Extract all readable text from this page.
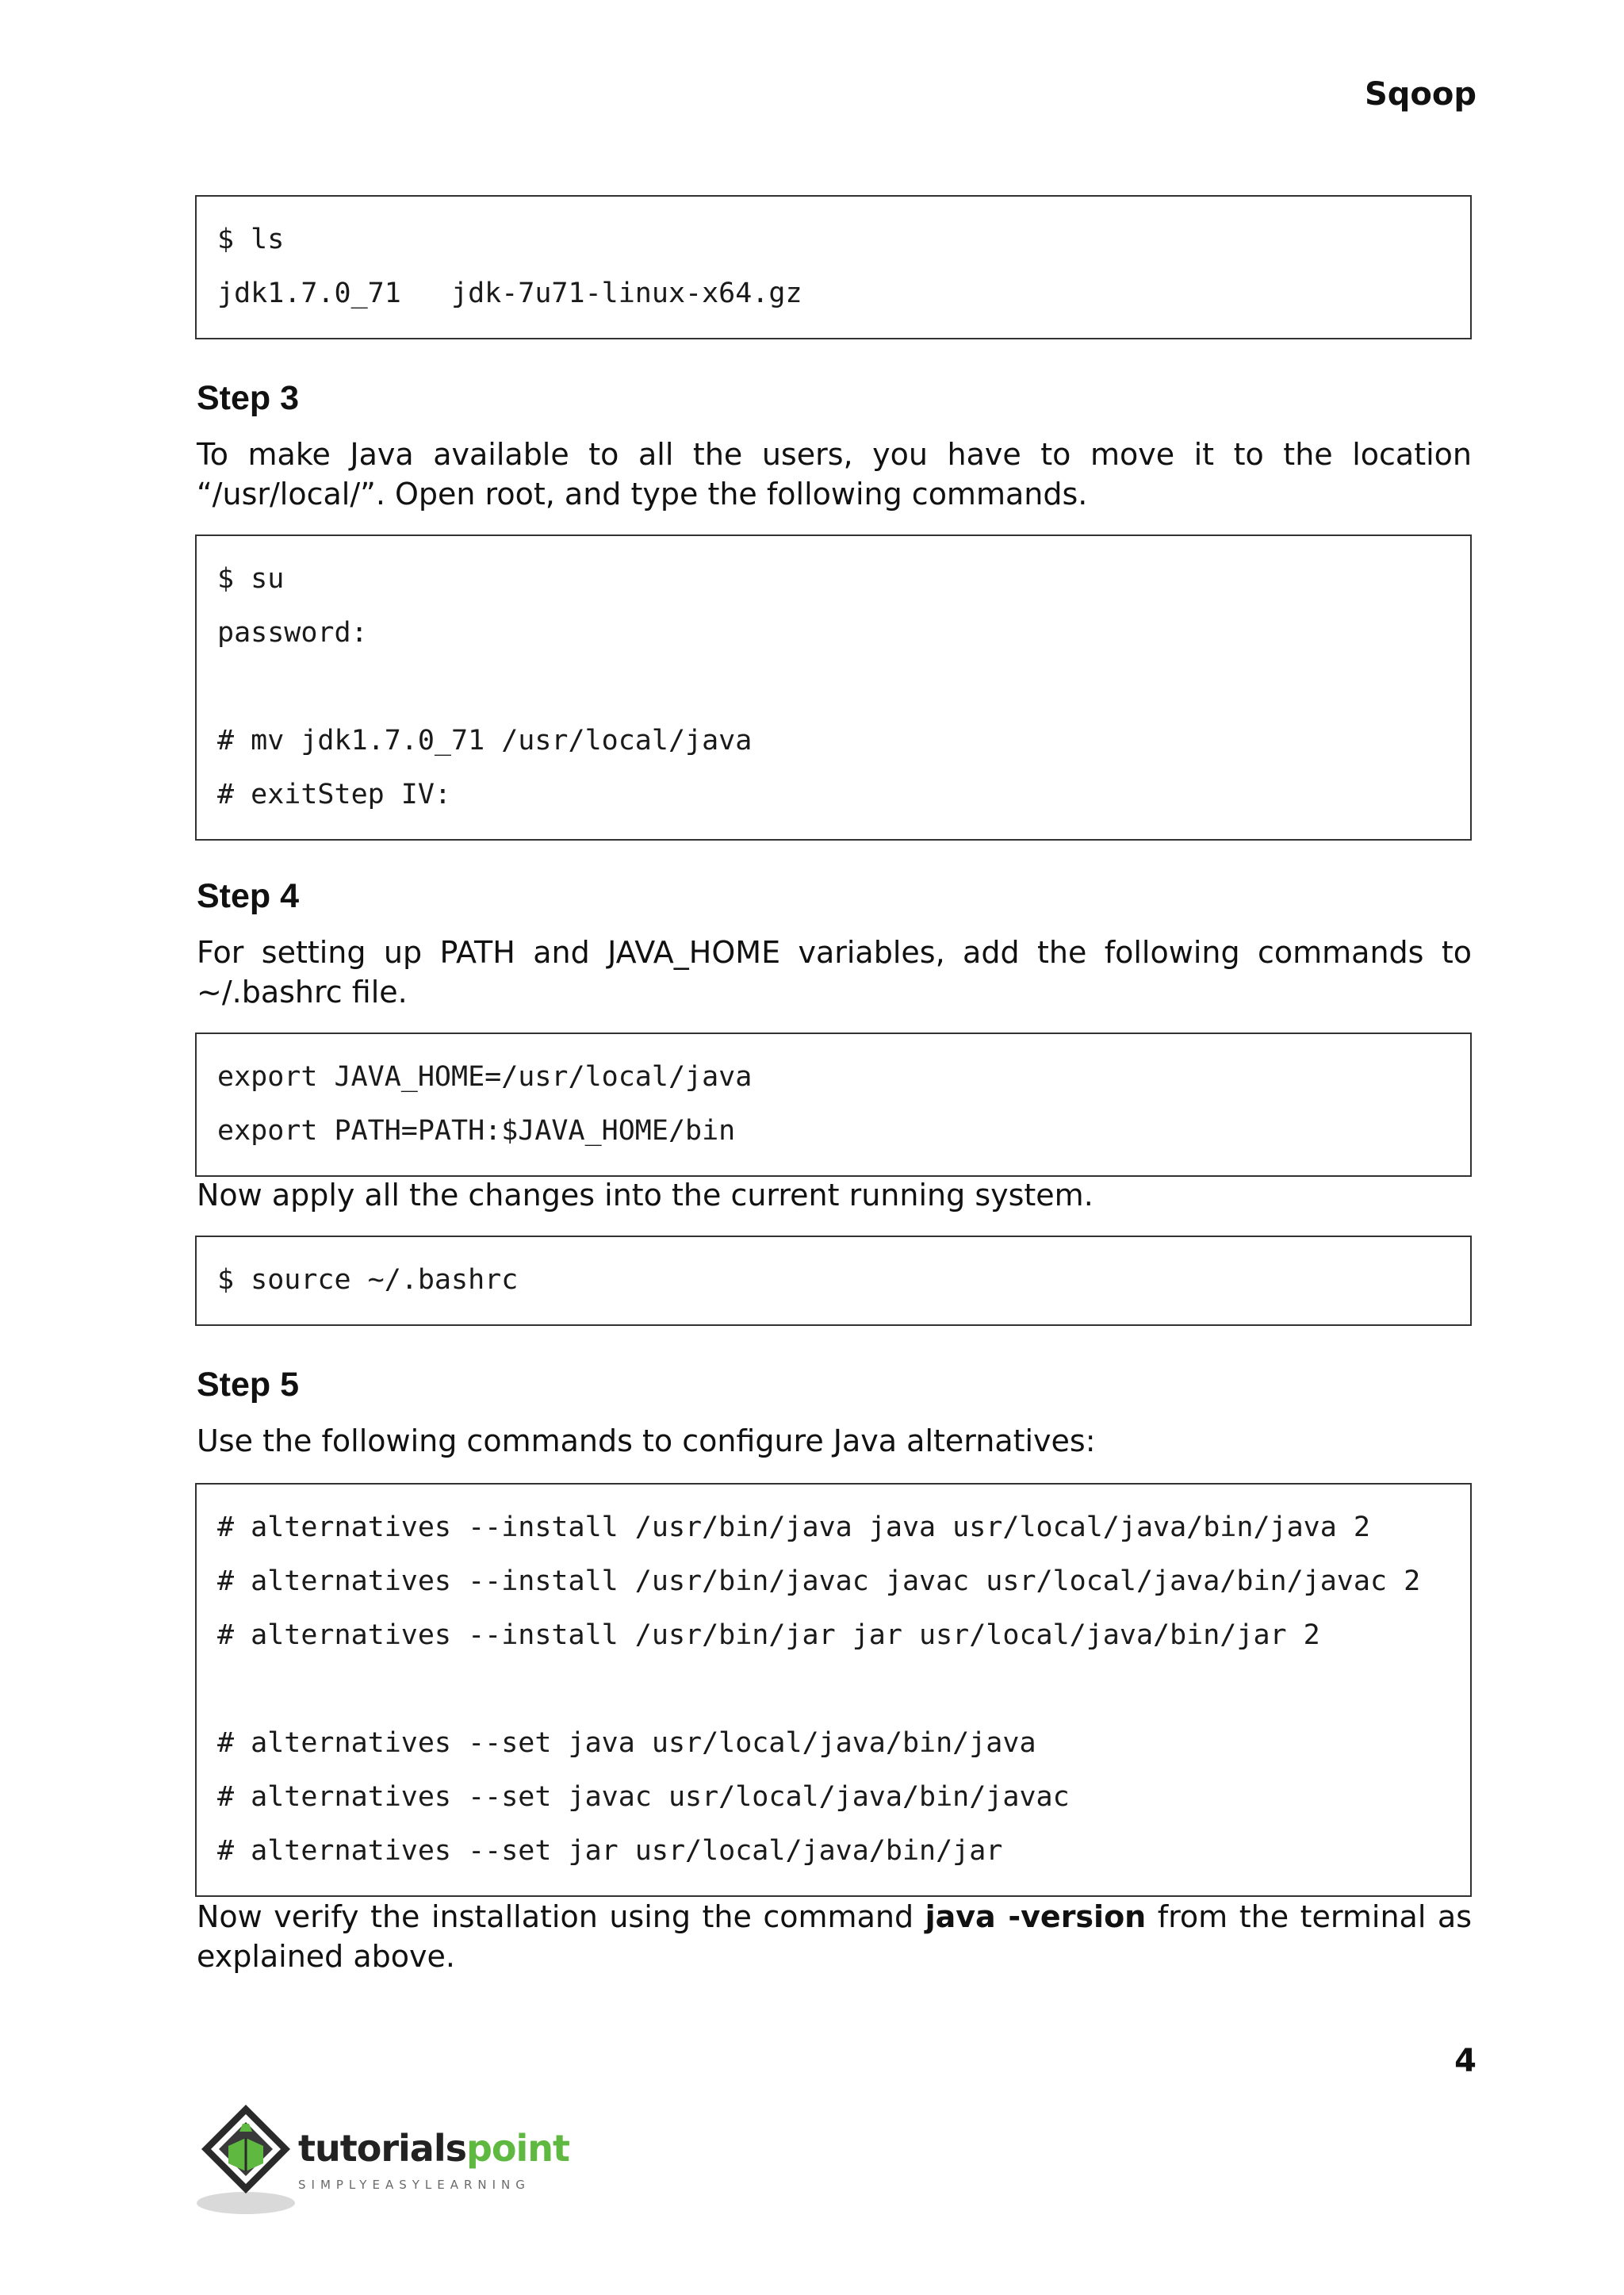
Sqoop
$ ls
jdk1.7.0_71   jdk-7u71-linux-x64.gz
Step 3
To make Java available to all the users, you have to move it to the location “/usr/local/”. Open root, and type the following commands.
$ su
password:
# mv jdk1.7.0_71 /usr/local/java
# exitStep IV:
Step 4
For setting up PATH and JAVA_HOME variables, add the following commands to ~/.bashrc file.
export JAVA_HOME=/usr/local/java
export PATH=PATH:$JAVA_HOME/bin
Now apply all the changes into the current running system.
$ source ~/.bashrc
Step 5
Use the following commands to configure Java alternatives:
# alternatives --install /usr/bin/java java usr/local/java/bin/java 2
# alternatives --install /usr/bin/javac javac usr/local/java/bin/javac 2
# alternatives --install /usr/bin/jar jar usr/local/java/bin/jar 2
# alternatives --set java usr/local/java/bin/java
# alternatives --set javac usr/local/java/bin/javac
# alternatives --set jar usr/local/java/bin/jar
Now verify the installation using the command java -version from the terminal as explained above.
4
tutorialspoint
SIMPLYEASYLEARNING
